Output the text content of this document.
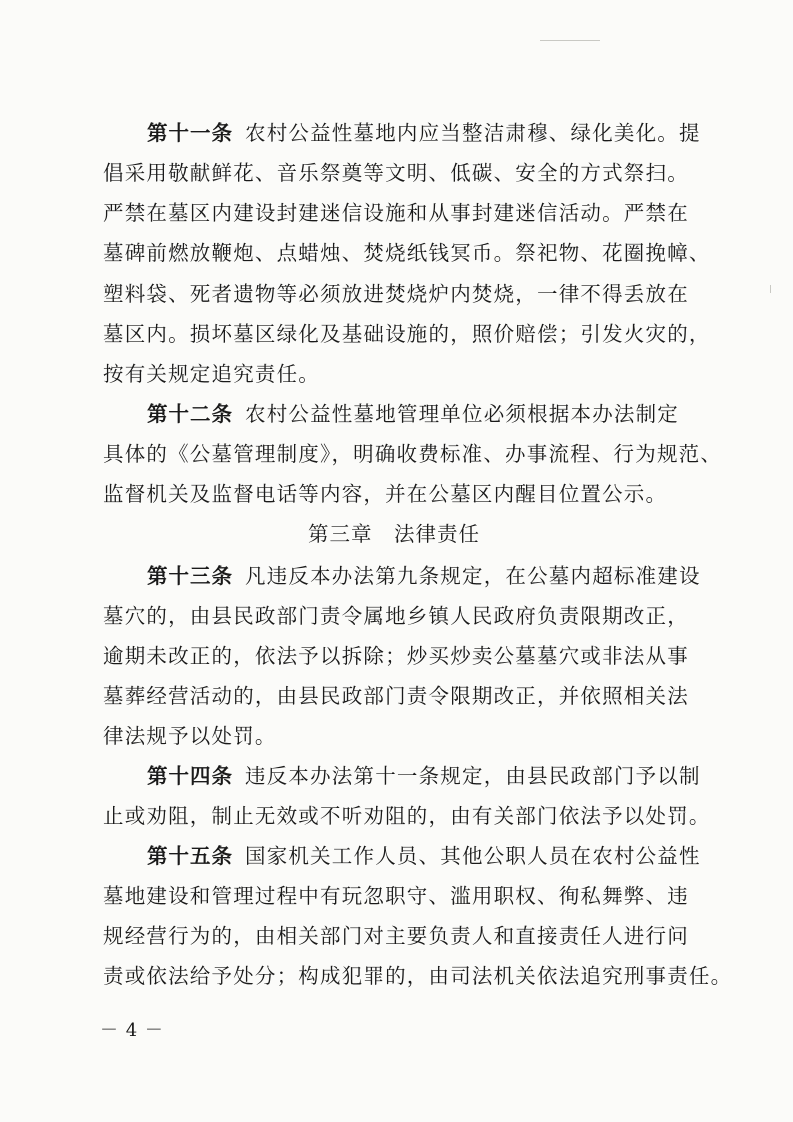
第十一条 农村公益性墓地内应当整洁肃穆、绿化美化。提
倡采用敬献鲜花、音乐祭奠等文明、低碳、安全的方式祭扫。
严禁在墓区内建设封建迷信设施和从事封建迷信活动。严禁在
墓碑前燃放鞭炮、点蜡烛、焚烧纸钱冥币。祭祀物、花圈挽幛、
塑料袋、死者遗物等必须放进焚烧炉内焚烧，一律不得丢放在
墓区内。损坏墓区绿化及基础设施的，照价赔偿；引发火灾的，
按有关规定追究责任。
第十二条 农村公益性墓地管理单位必须根据本办法制定
具体的《公墓管理制度》，明确收费标准、办事流程、行为规范、
监督机关及监督电话等内容，并在公墓区内醒目位置公示。
第三章　法律责任
第十三条 凡违反本办法第九条规定，在公墓内超标准建设
墓穴的，由县民政部门责令属地乡镇人民政府负责限期改正，
逾期未改正的，依法予以拆除；炒买炒卖公墓墓穴或非法从事
墓葬经营活动的，由县民政部门责令限期改正，并依照相关法
律法规予以处罚。
第十四条 违反本办法第十一条规定，由县民政部门予以制
止或劝阻，制止无效或不听劝阻的，由有关部门依法予以处罚。
第十五条 国家机关工作人员、其他公职人员在农村公益性
墓地建设和管理过程中有玩忽职守、滥用职权、徇私舞弊、违
规经营行为的，由相关部门对主要负责人和直接责任人进行问
责或依法给予处分；构成犯罪的，由司法机关依法追究刑事责任。
－ 4 －
